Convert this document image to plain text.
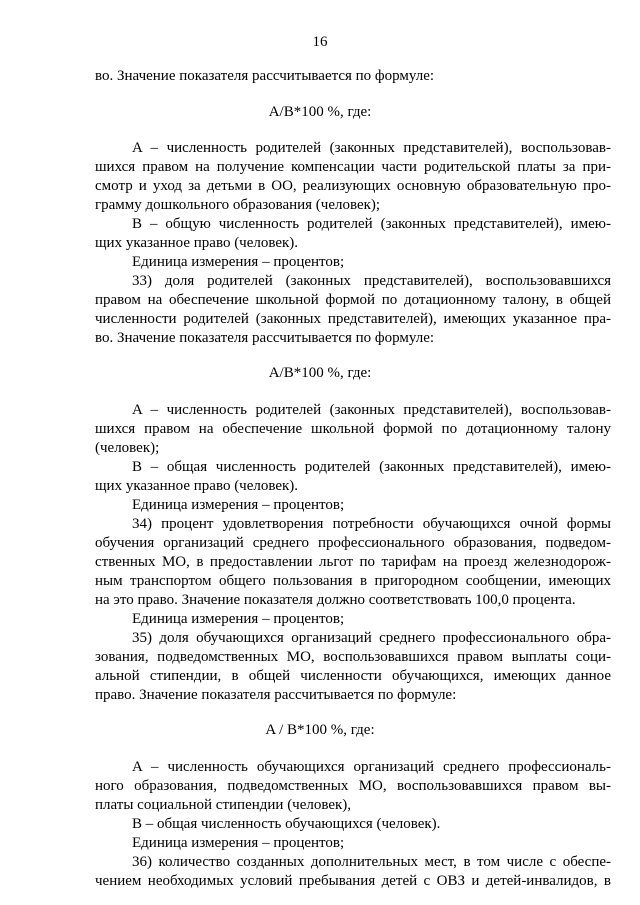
16
во. Значение показателя рассчитывается по формуле:
A/B*100 %, где:
A – численность родителей (законных представителей), воспользовав-
шихся правом на получение компенсации части родительской платы за при-
смотр и уход за детьми в ОО, реализующих основную образовательную про-
грамму дошкольного образования (человек);
B – общую численность родителей (законных представителей), имею-
щих указанное право (человек).
Единица измерения – процентов;
33) доля родителей (законных представителей), воспользовавшихся
правом на обеспечение школьной формой по дотационному талону, в общей
численности родителей (законных представителей), имеющих указанное пра-
во. Значение показателя рассчитывается по формуле:
A/B*100 %, где:
A – численность родителей (законных представителей), воспользовав-
шихся правом на обеспечение школьной формой по дотационному талону
(человек);
B – общая численность родителей (законных представителей), имею-
щих указанное право (человек).
Единица измерения – процентов;
34) процент удовлетворения потребности обучающихся очной формы
обучения организаций среднего профессионального образования, подведом-
ственных МО, в предоставлении льгот по тарифам на проезд железнодорож-
ным транспортом общего пользования в пригородном сообщении, имеющих
на это право. Значение показателя должно соответствовать 100,0 процента.
Единица измерения – процентов;
35) доля обучающихся организаций среднего профессионального обра-
зования, подведомственных МО, воспользовавшихся правом выплаты соци-
альной стипендии, в общей численности обучающихся, имеющих данное
право. Значение показателя рассчитывается по формуле:
A / B*100 %, где:
A – численность обучающихся организаций среднего профессиональ-
ного образования, подведомственных МО, воспользовавшихся правом вы-
платы социальной стипендии (человек),
B – общая численность обучающихся (человек).
Единица измерения – процентов;
36) количество созданных дополнительных мест, в том числе с обеспе-
чением необходимых условий пребывания детей с ОВЗ и детей-инвалидов, в
